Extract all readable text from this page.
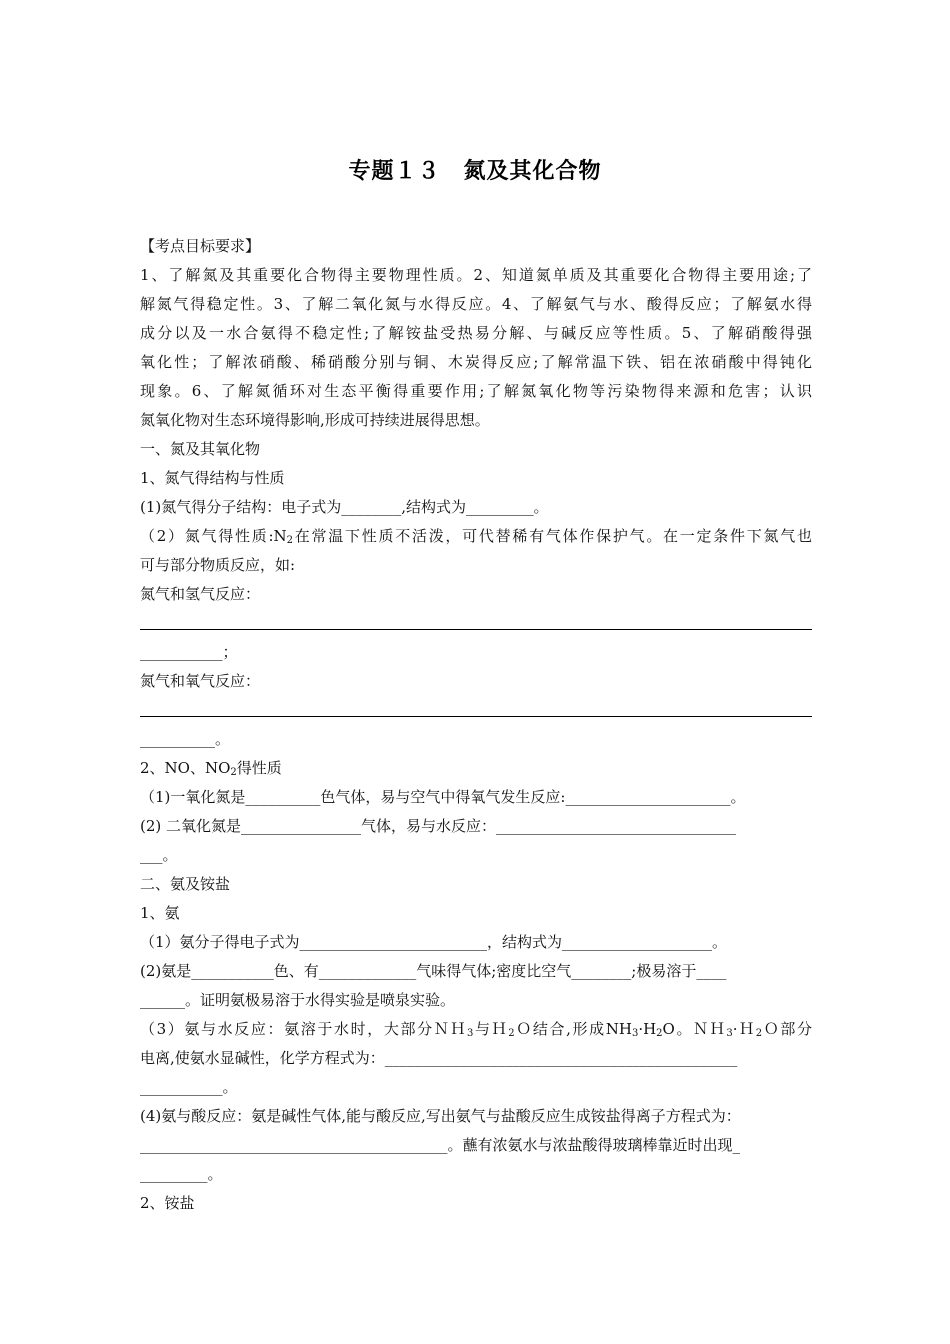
专题１３　氮及其化合物
【考点目标要求】
1、了解氮及其重要化合物得主要物理性质。2、知道氮单质及其重要化合物得主要用途;了
解氮气得稳定性。3、了解二氧化氮与水得反应。4、了解氨气与水、酸得反应；了解氨水得
成分以及一水合氨得不稳定性;了解铵盐受热易分解、与碱反应等性质。5、了解硝酸得强
氧化性；了解浓硝酸、稀硝酸分别与铜、木炭得反应;了解常温下铁、铝在浓硝酸中得钝化
现象。6、了解氮循环对生态平衡得重要作用;了解氮氧化物等污染物得来源和危害；认识
氮氧化物对生态环境得影响,形成可持续进展得思想。
一、氮及其氧化物
1、氮气得结构与性质
(1)氮气得分子结构：电子式为________,结构式为_________。
（2）氮气得性质$:N_2$在常温下性质不活泼，可代替稀有气体作保护气。在一定条件下氮气也
可与部分物质反应，如:
氮气和氢气反应：
___________；
氮气和氧气反应：
__________。
2、NO、$NO_2$得性质
（1)一氧化氮是__________色气体，易与空气中得氧气发生反应:______________________。
(2) 二氧化氮是________________气体，易与水反应：________________________________
___。
二、氨及铵盐
1、氨
（1）氨分子得电子式为_________________________，结构式为____________________。
(2)氨是___________色、有_____________气味得气体;密度比空气________;极易溶于____
______。证明氨极易溶于水得实验是喷泉实验。
（3）氨与水反应：氨溶于水时，大部分ＮＨ$_3$与Ｈ$_2$Ｏ结合,形成$NH_3\cdot H_2O$。ＮＨ$_3$·Ｈ$_2$Ｏ部分
电离,使氨水显碱性，化学方程式为：_______________________________________________
___________。
(4)氨与酸反应：氨是碱性气体,能与酸反应,写出氨气与盐酸反应生成铵盐得离子方程式为：
_________________________________________。蘸有浓氨水与浓盐酸得玻璃棒靠近时出现_
_________。
2、铵盐
